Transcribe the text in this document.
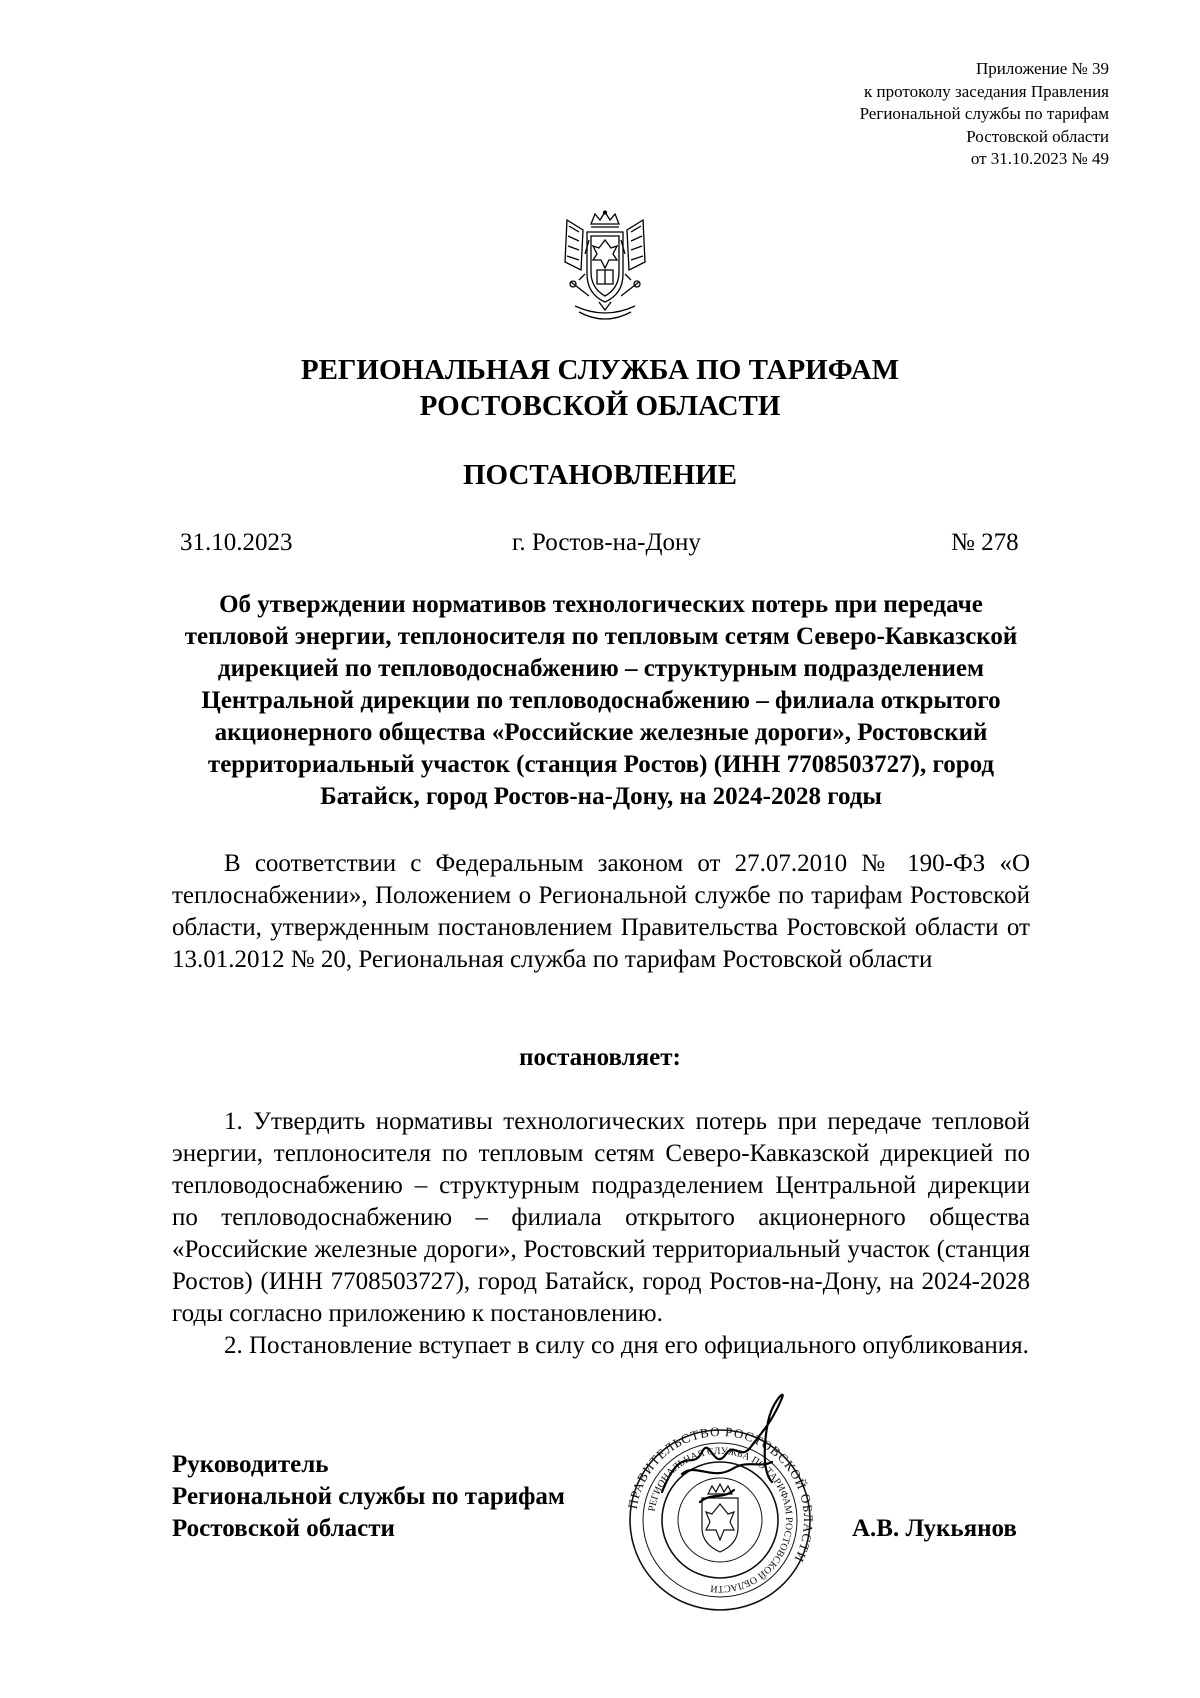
Приложение № 39
к протоколу заседания Правления
Региональной службы по тарифам
Ростовской области
от 31.10.2023 № 49
РЕГИОНАЛЬНАЯ СЛУЖБА ПО ТАРИФАМ
РОСТОВСКОЙ ОБЛАСТИ
ПОСТАНОВЛЕНИЕ
31.10.2023	г. Ростов-на-Дону	№ 278
Об утверждении нормативов технологических потерь при передаче
тепловой энергии, теплоносителя по тепловым сетям Северо-Кавказской
дирекцией по тепловодоснабжению – структурным подразделением
Центральной дирекции по тепловодоснабжению – филиала открытого
акционерного общества «Российские железные дороги», Ростовский
территориальный участок (станция Ростов) (ИНН 7708503727), город
Батайск, город Ростов-на-Дону, на 2024-2028 годы

В соответствии с Федеральным законом от 27.07.2010 № 190-ФЗ «О теплоснабжении», Положением о Региональной службе по тарифам Ростовской области, утвержденным постановлением Правительства Ростовской области от 13.01.2012 № 20, Региональная служба по тарифам Ростовской области

постановляет:

1. Утвердить нормативы технологических потерь при передаче тепловой энергии, теплоносителя по тепловым сетям Северо-Кавказской дирекцией по тепловодоснабжению – структурным подразделением Центральной дирекции по тепловодоснабжению – филиала открытого акционерного общества «Российские железные дороги», Ростовский территориальный участок (станция Ростов) (ИНН 7708503727), город Батайск, город Ростов-на-Дону, на 2024-2028 годы согласно приложению к постановлению.

2. Постановление вступает в силу со дня его официального опубликования.

Руководитель
Региональной службы по тарифам
Ростовской области
ПРАВИТЕЛЬСТВО РОСТОВСКОЙ ОБЛАСТИ
РЕГИОНАЛЬНАЯ СЛУЖБА ПО ТАРИФАМ РОСТОВСКОЙ ОБЛАСТИ
А.В. Лукьянов
